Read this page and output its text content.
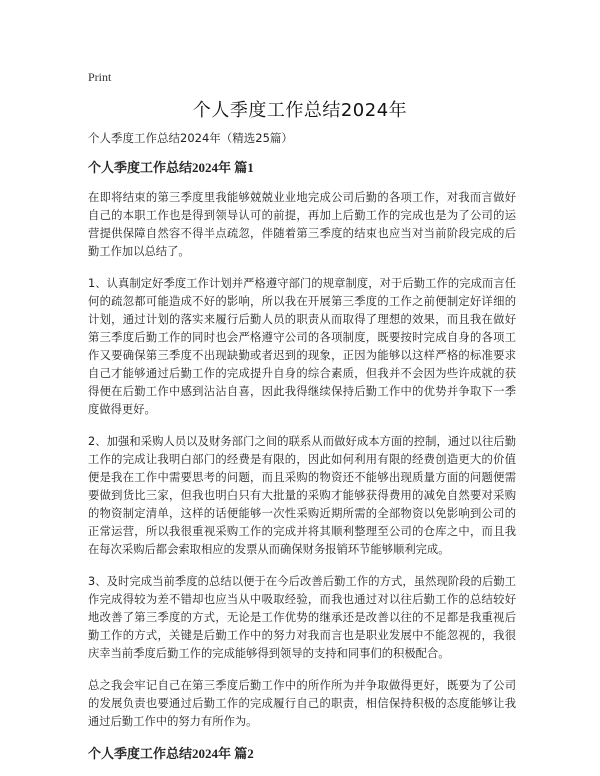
Print
个人季度工作总结2024年

个人季度工作总结2024年（精选25篇）

个人季度工作总结2024年 篇1

在即将结束的第三季度里我能够兢兢业业地完成公司后勤的各项工作，对我而言做好自己的本职工作也是得到领导认可的前提，再加上后勤工作的完成也是为了公司的运营提供保障自然容不得半点疏忽，伴随着第三季度的结束也应当对当前阶段完成的后勤工作加以总结了。

1、认真制定好季度工作计划并严格遵守部门的规章制度，对于后勤工作的完成而言任何的疏忽都可能造成不好的影响，所以我在开展第三季度的工作之前便制定好详细的计划，通过计划的落实来履行后勤人员的职责从而取得了理想的效果，而且我在做好第三季度后勤工作的同时也会严格遵守公司的各项制度，既要按时完成自身的各项工作又要确保第三季度不出现缺勤或者迟到的现象，正因为能够以这样严格的标准要求自己才能够通过后勤工作的完成提升自身的综合素质，但我并不会因为些许成就的获得便在后勤工作中感到沾沾自喜，因此我得继续保持后勤工作中的优势并争取下一季度做得更好。

2、加强和采购人员以及财务部门之间的联系从而做好成本方面的控制，通过以往后勤工作的完成让我明白部门的经费是有限的，因此如何利用有限的经费创造更大的价值便是我在工作中需要思考的问题，而且采购的物资还不能够出现质量方面的问题便需要做到货比三家，但我也明白只有大批量的采购才能够获得费用的减免自然要对采购的物资制定清单，这样的话便能够一次性采购近期所需的全部物资以免影响到公司的正常运营，所以我很重视采购工作的完成并将其顺利整理至公司的仓库之中，而且我在每次采购后都会索取相应的发票从而确保财务报销环节能够顺利完成。

3、及时完成当前季度的总结以便于在今后改善后勤工作的方式，虽然现阶段的后勤工作完成得较为差不错却也应当从中吸取经验，而我也通过对以往后勤工作的总结较好地改善了第三季度的方式，无论是工作优势的继承还是改善以往的不足都是我重视后勤工作的方式，关键是后勤工作中的努力对我而言也是职业发展中不能忽视的，我很庆幸当前季度后勤工作的完成能够得到领导的支持和同事们的积极配合。

总之我会牢记自己在第三季度后勤工作中的所作所为并争取做得更好，既要为了公司的发展负责也要通过后勤工作的完成履行自己的职责，相信保持积极的态度能够让我通过后勤工作中的努力有所作为。

个人季度工作总结2024年 篇2
